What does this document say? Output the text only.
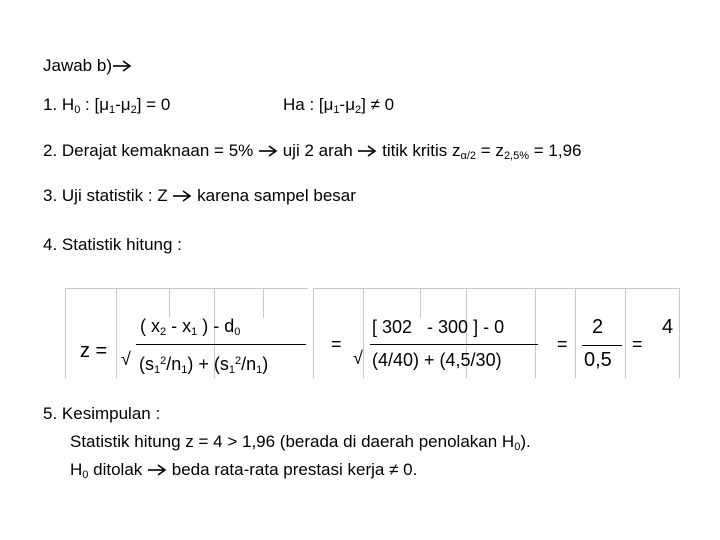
Jawab b)
1. $H_0$ : $[\mu_1-\mu_2] = 0$	Ha : $[\mu_1-\mu_2] \ne 0$
2. Derajat kemaknaan = 5%  uji 2 arah  titik kritis $z_{\alpha/2} = z_{2,5\%} = 1,96$
3. Uji statistik : Z  karena sampel besar
4. Statistik hitung :
z =
( $x_2 - x_1$ ) - $d_0$
√ $(s_1^2/n_1) + (s_1^2/n_1)$
=
[ 302   - 300 ] - 0
√ (4/40) + (4,5/30)
=
2
0,5
=
4
5. Kesimpulan :
Statistik hitung z = 4 > 1,96 (berada di daerah penolakan $H_0$).
$H_0$ ditolak  beda rata-rata prestasi kerja ≠ 0.
